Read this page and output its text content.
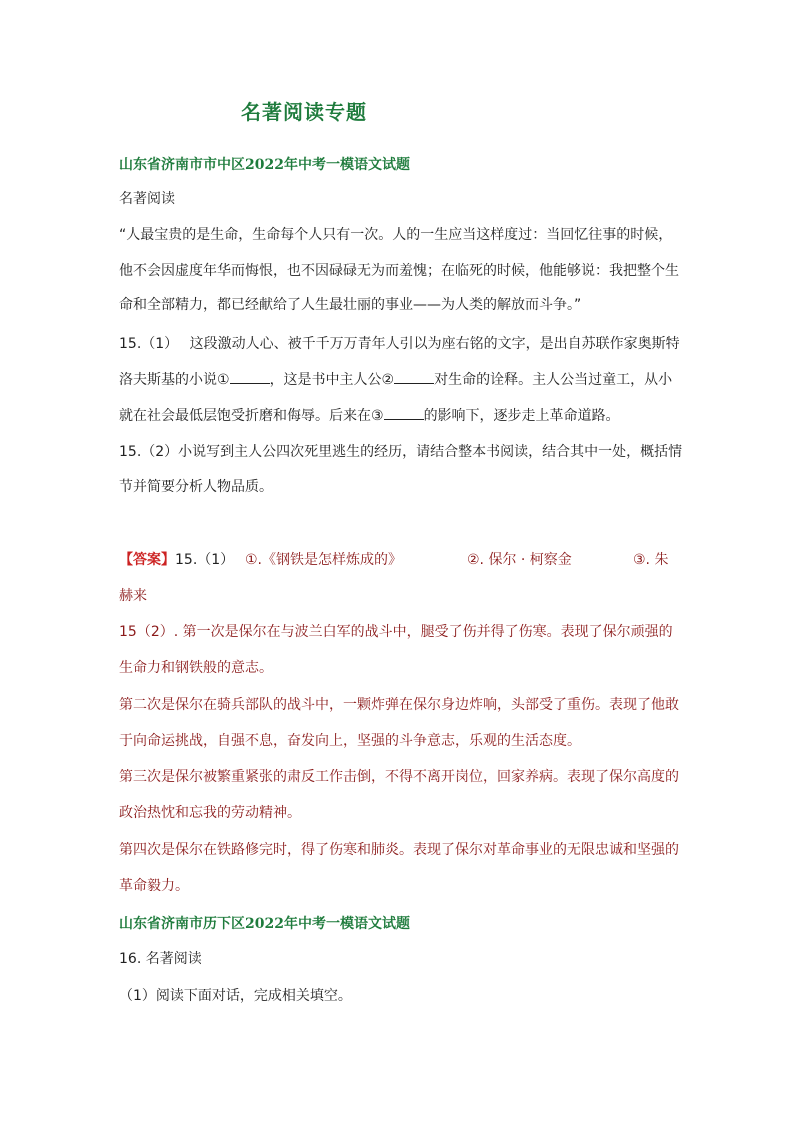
名著阅读专题
山东省济南市市中区2022年中考一模语文试题
名著阅读
“人最宝贵的是生命，生命每个人只有一次。人的一生应当这样度过：当回忆往事的时候，
他不会因虚度年华而悔恨，也不因碌碌无为而羞愧；在临死的时候，他能够说：我把整个生
命和全部精力，都已经献给了人生最壮丽的事业——为人类的解放而斗争。”
15.（1）　 这段激动人心、被千千万万青年人引以为座右铭的文字，是出自苏联作家奥斯特
洛夫斯基的小说①	，这是书中主人公②	对生命的诠释。主人公当过童工，从小
就在社会最低层饱受折磨和侮辱。后来在③	的影响下，逐步走上革命道路。
15.（2）小说写到主人公四次死里逃生的经历，请结合整本书阅读，结合其中一处，概括情
节并简要分析人物品质。
【答案】15.（1） ①.《钢铁是怎样炼成的》	②. 保尔 · 柯察金	③. 朱
赫来
15（2）. 第一次是保尔在与波兰白军的战斗中，腿受了伤并得了伤寒。表现了保尔顽强的
生命力和钢铁般的意志。
第二次是保尔在骑兵部队的战斗中，一颗炸弹在保尔身边炸响，头部受了重伤。表现了他敢
于向命运挑战，自强不息，奋发向上，坚强的斗争意志，乐观的生活态度。
第三次是保尔被繁重紧张的肃反工作击倒，不得不离开岗位，回家养病。表现了保尔高度的
政治热忱和忘我的劳动精神。
第四次是保尔在铁路修完时，得了伤寒和肺炎。表现了保尔对革命事业的无限忠诚和坚强的
革命毅力。
山东省济南市历下区2022年中考一模语文试题
16. 名著阅读
（1）阅读下面对话，完成相关填空。
